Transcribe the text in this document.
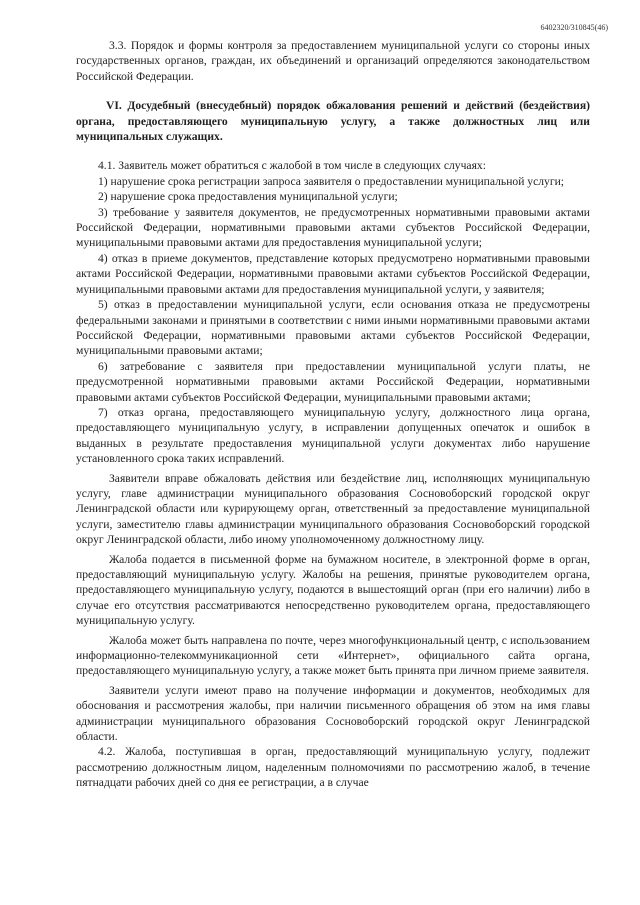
6402320/310845(46)

3.3. Порядок и формы контроля за предоставлением муниципальной услуги со стороны иных государственных органов, граждан, их объединений и организаций определяются законодательством Российской Федерации.

VI. Досудебный (внесудебный) порядок обжалования решений и действий (бездействия) органа, предоставляющего муниципальную услугу, а также должностных лиц или муниципальных служащих.

4.1. Заявитель может обратиться с жалобой в том числе в следующих случаях:

1) нарушение срока регистрации запроса заявителя о предоставлении муниципальной услуги;

2) нарушение срока предоставления муниципальной услуги;

3) требование у заявителя документов, не предусмотренных нормативными правовыми актами Российской Федерации, нормативными правовыми актами субъектов Российской Федерации, муниципальными правовыми актами для предоставления муниципальной услуги;

4) отказ в приеме документов, представление которых предусмотрено нормативными правовыми актами Российской Федерации, нормативными правовыми актами субъектов Российской Федерации, муниципальными правовыми актами для предоставления муниципальной услуги, у заявителя;

5) отказ в предоставлении муниципальной услуги, если основания отказа не предусмотрены федеральными законами и принятыми в соответствии с ними иными нормативными правовыми актами Российской Федерации, нормативными правовыми актами субъектов Российской Федерации, муниципальными правовыми актами;

6) затребование с заявителя при предоставлении муниципальной услуги платы, не предусмотренной нормативными правовыми актами Российской Федерации, нормативными правовыми актами субъектов Российской Федерации, муниципальными правовыми актами;

7) отказ органа, предоставляющего муниципальную услугу, должностного лица органа, предоставляющего муниципальную услугу, в исправлении допущенных опечаток и ошибок в выданных в результате предоставления муниципальной услуги документах либо нарушение установленного срока таких исправлений.

Заявители вправе обжаловать действия или бездействие лиц, исполняющих муниципальную услугу, главе администрации муниципального образования Сосновоборский городской округ Ленинградской области или курирующему орган, ответственный за предоставление муниципальной услуги, заместителю главы администрации муниципального образования Сосновоборский городской округ Ленинградской области, либо иному уполномоченному должностному лицу.

Жалоба подается в письменной форме на бумажном носителе, в электронной форме в орган, предоставляющий муниципальную услугу. Жалобы на решения, принятые руководителем органа, предоставляющего муниципальную услугу, подаются в вышестоящий орган (при его наличии) либо в случае его отсутствия рассматриваются непосредственно руководителем органа, предоставляющего муниципальную услугу.

Жалоба может быть направлена по почте, через многофункциональный центр, с использованием информационно-телекоммуникационной сети «Интернет», официального сайта органа, предоставляющего муниципальную услугу, а также может быть принята при личном приеме заявителя.

Заявители услуги имеют право на получение информации и документов, необходимых для обоснования и рассмотрения жалобы, при наличии письменного обращения об этом на имя главы администрации муниципального образования Сосновоборский городской округ Ленинградской области.

4.2. Жалоба, поступившая в орган, предоставляющий муниципальную услугу, подлежит рассмотрению должностным лицом, наделенным полномочиями по рассмотрению жалоб, в течение пятнадцати рабочих дней со дня ее регистрации, а в случае
